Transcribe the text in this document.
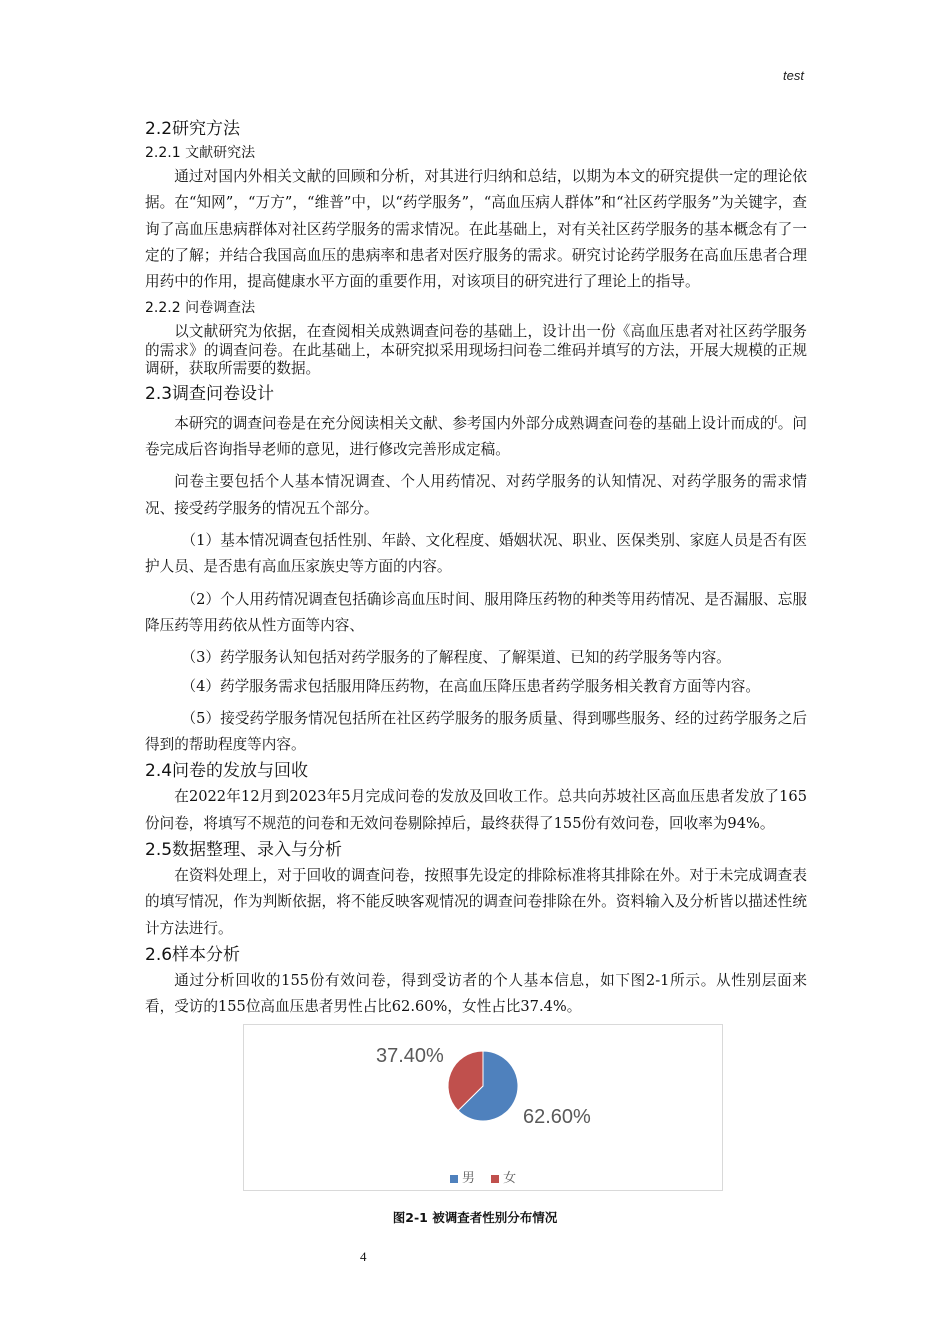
test
2.2研究方法
2.2.1 文献研究法

通过对国内外相关文献的回顾和分析，对其进行归纳和总结，以期为本文的研究提供一定的理论依据。在“知网”，“万方”，“维普”中，以“药学服务”，“高血压病人群体”和“社区药学服务”为关键字，查询了高血压患病群体对社区药学服务的需求情况。在此基础上，对有关社区药学服务的基本概念有了一定的了解；并结合我国高血压的患病率和患者对医疗服务的需求。研究讨论药学服务在高血压患者合理用药中的作用，提高健康水平方面的重要作用，对该项目的研究进行了理论上的指导。

2.2.2 问卷调查法

以文献研究为依据，在查阅相关成熟调查问卷的基础上，设计出一份《高血压患者对社区药学服务的需求》的调查问卷。在此基础上，本研究拟采用现场扫问卷二维码并填写的方法，开展大规模的正规调研，获取所需要的数据。

2.3调查问卷设计

本研究的调查问卷是在充分阅读相关文献、参考国内外部分成熟调查问卷的基础上设计而成的[。问卷完成后咨询指导老师的意见，进行修改完善形成定稿。

问卷主要包括个人基本情况调查、个人用药情况、对药学服务的认知情况、对药学服务的需求情况、接受药学服务的情况五个部分。

（1）基本情况调查包括性别、年龄、文化程度、婚姻状况、职业、医保类别、家庭人员是否有医护人员、是否患有高血压家族史等方面的内容。

（2）个人用药情况调查包括确诊高血压时间、服用降压药物的种类等用药情况、是否漏服、忘服降压药等用药依从性方面等内容、

（3）药学服务认知包括对药学服务的了解程度、了解渠道、已知的药学服务等内容。

（4）药学服务需求包括服用降压药物，在高血压降压患者药学服务相关教育方面等内容。

（5）接受药学服务情况包括所在社区药学服务的服务质量、得到哪些服务、经的过药学服务之后得到的帮助程度等内容。

2.4问卷的发放与回收

在2022年12月到2023年5月完成问卷的发放及回收工作。总共向苏坡社区高血压患者发放了165份问卷，将填写不规范的问卷和无效问卷剔除掉后，最终获得了155份有效问卷，回收率为94%。

2.5数据整理、录入与分析

在资料处理上，对于回收的调查问卷，按照事先设定的排除标准将其排除在外。对于未完成调查表的填写情况，作为判断依据，将不能反映客观情况的调查问卷排除在外。资料输入及分析皆以描述性统计方法进行。

2.6样本分析

通过分析回收的155份有效问卷，得到受访者的个人基本信息，如下图2-1所示。从性别层面来看，受访的155位高血压患者男性占比62.60%，女性占比37.4%。

37.40%
62.60%
男 女
图2-1 被调查者性别分布情况
4
